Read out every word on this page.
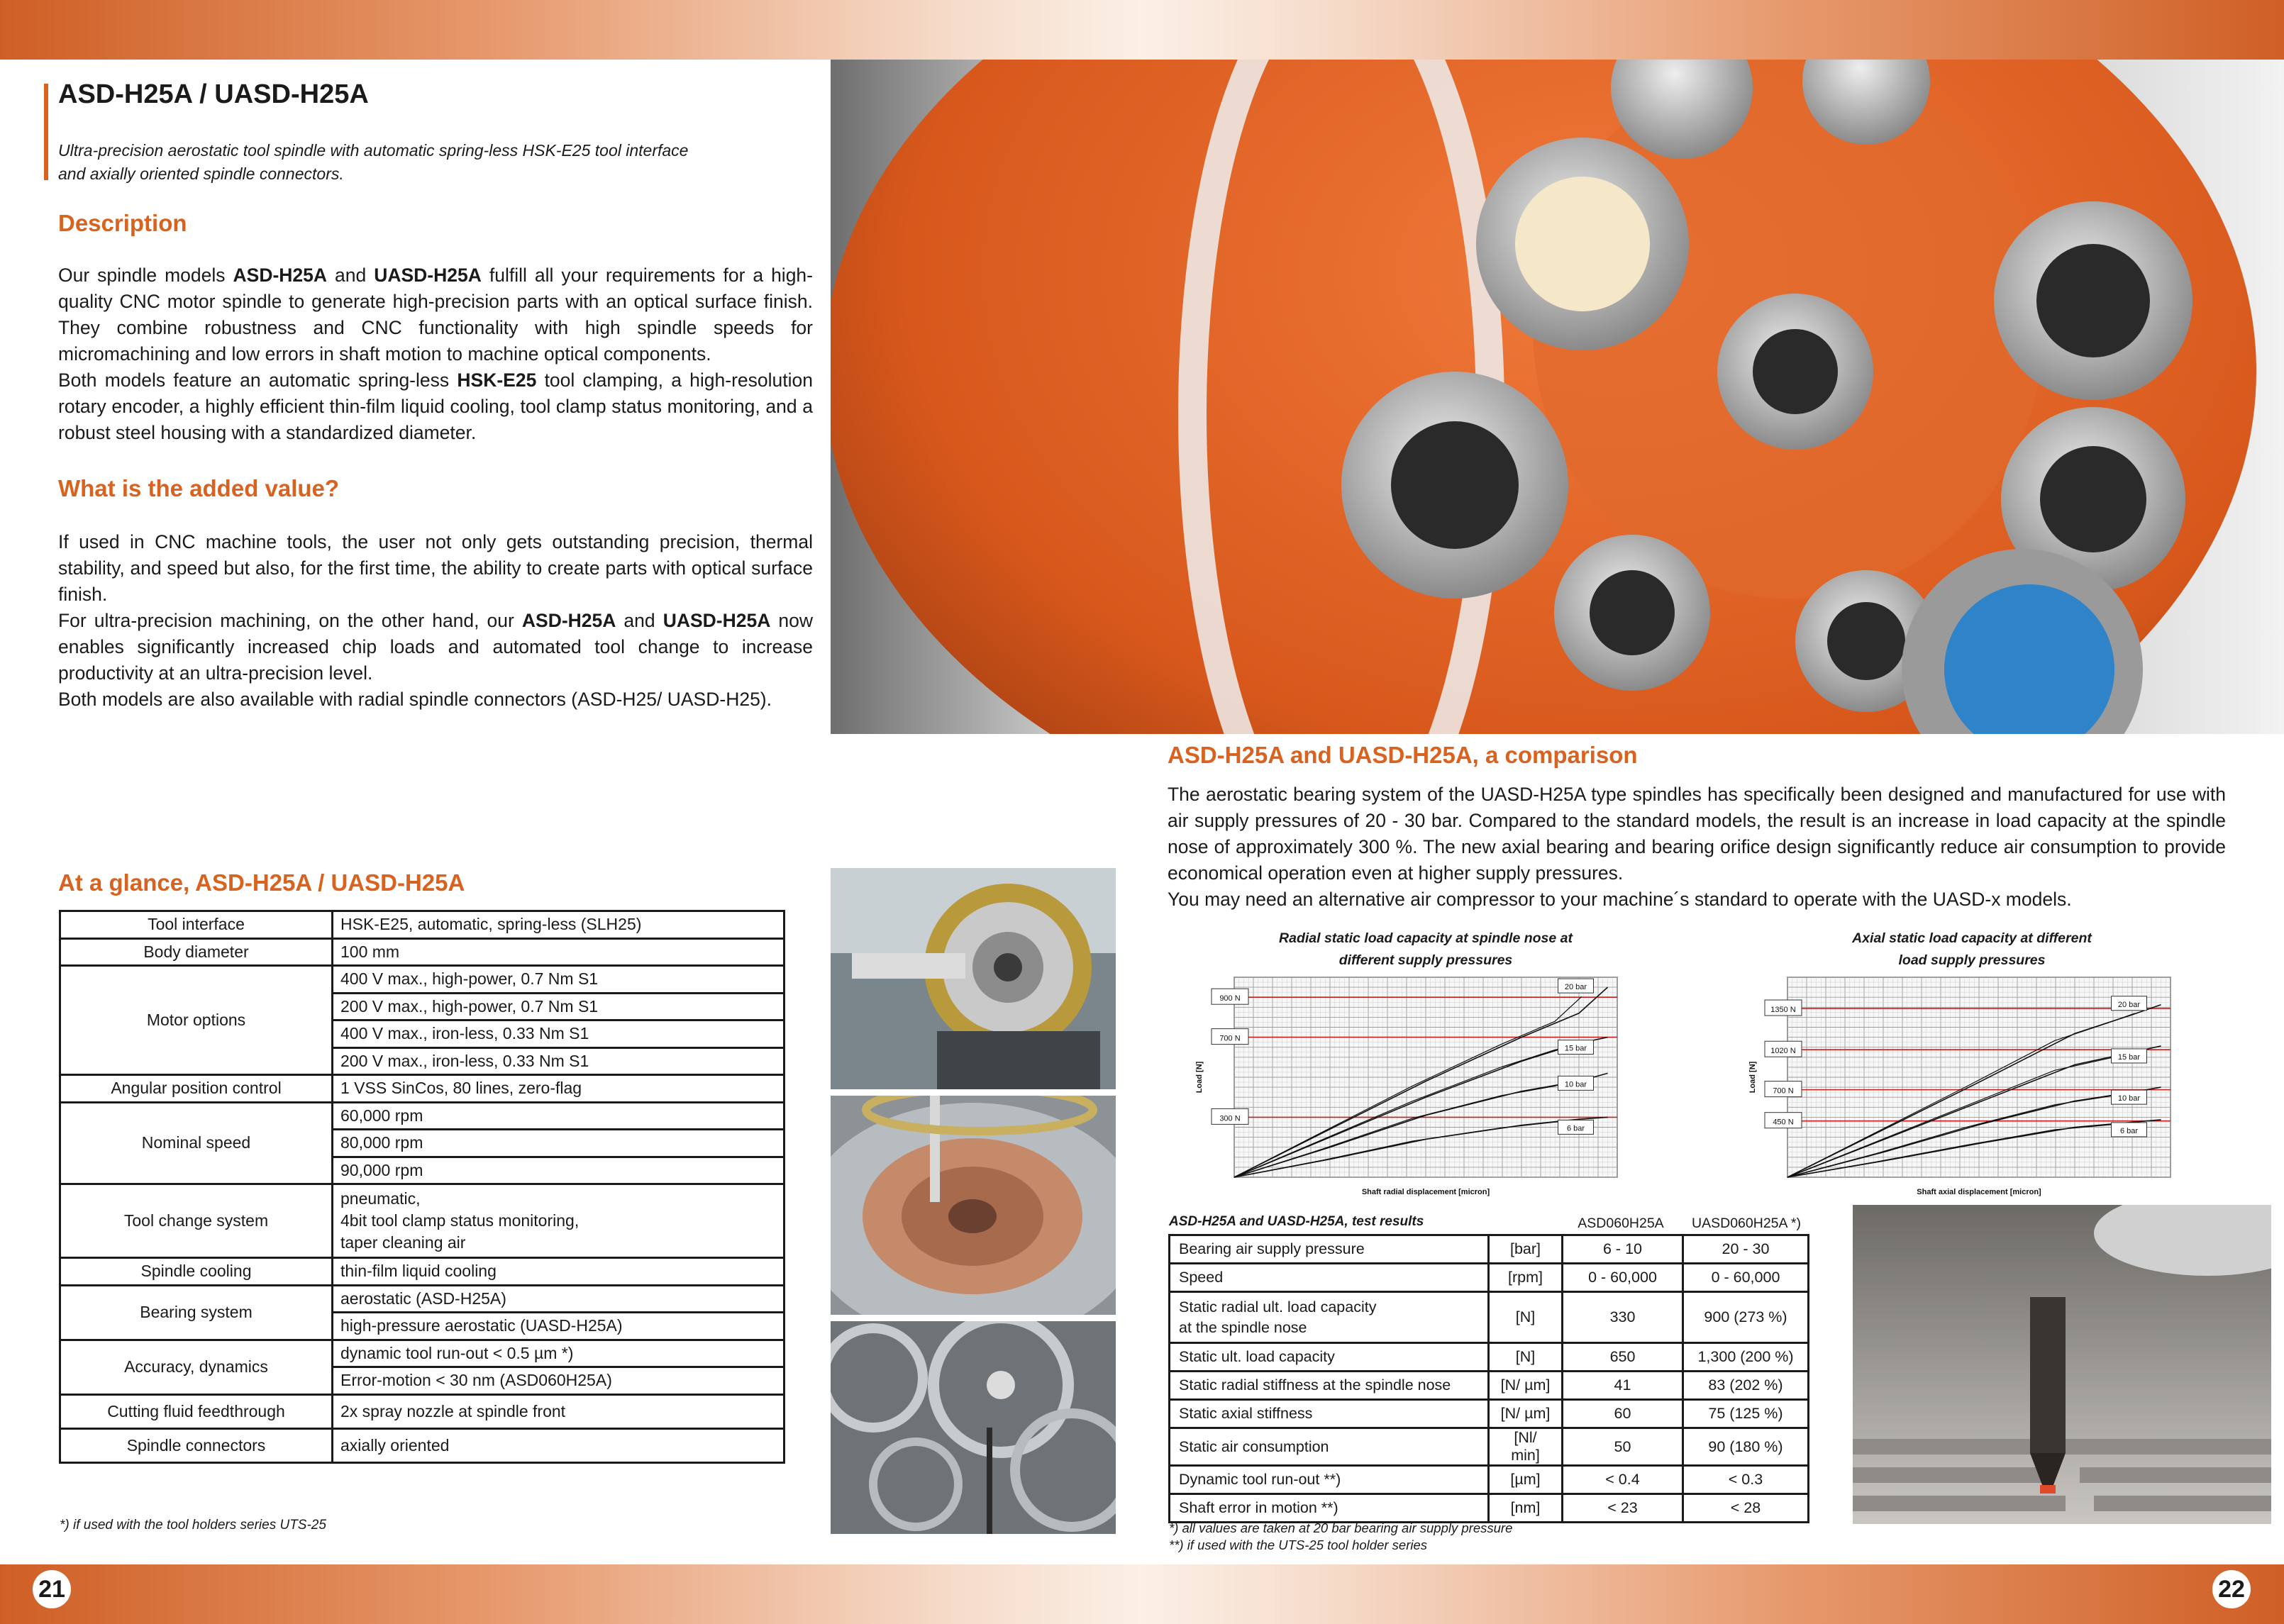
21	22
ASD-H25A / UASD-H25A
Ultra-precision aerostatic tool spindle with automatic spring-less HSK-E25 tool interface
and axially oriented spindle connectors.
Description

Our spindle models ASD-H25A and UASD-H25A fulfill all your requirements for a high-quality CNC motor spindle to generate high-precision parts with an optical surface finish. They combine robustness and CNC functionality with high spindle speeds for micromachining and low errors in shaft motion to machine optical components.

Both models feature an automatic spring-less HSK-E25 tool clamping, a high-resolution rotary encoder, a highly efficient thin-film liquid cooling, tool clamp status monitoring, and a robust steel housing with a standardized diameter.

What is the added value?

If used in CNC machine tools, the user not only gets outstanding precision, thermal stability, and speed but also, for the first time, the ability to create parts with optical surface finish.

For ultra-precision machining, on the other hand, our ASD-H25A and UASD-H25A now enables significantly increased chip loads and automated tool change to increase productivity at an ultra-precision level.

Both models are also available with radial spindle connectors (ASD-H25/ UASD-H25).

ASD-H25A and UASD-H25A, a comparison

The aerostatic bearing system of the UASD-H25A type spindles has specifically been designed and manufactured for use with air supply pressures of 20 - 30 bar. Compared to the standard models, the result is an increase in load capacity at the spindle nose of approximately 300 %. The new axial bearing and bearing orifice design significantly reduce air consumption to provide economical operation even at higher supply pressures.

You may need an alternative air compressor to your machine´s standard to operate with the UASD-x models.

Radial static load capacity at spindle nose at
different supply pressures
Axial static load capacity at different
load supply pressures
900 N
700 N
300 N
20 bar
15 bar
10 bar
6 bar
Shaft radial displacement [micron]
Load [N]
1350 N
1020 N
700 N
450 N
20 bar
15 bar
10 bar
6 bar
Shaft axial displacement [micron]
Load [N]
At a glance, ASD-H25A / UASD-H25A
Tool interface	HSK-E25, automatic, spring-less (SLH25)
Body diameter	100 mm
Motor options	400 V max., high-power, 0.7 Nm S1
	200 V max., high-power, 0.7 Nm S1
	400 V max., iron-less, 0.33 Nm S1
	200 V max., iron-less, 0.33 Nm S1
Angular position control	1 VSS SinCos, 80 lines, zero-flag
Nominal speed	60,000 rpm
	80,000 rpm
	90,000 rpm
Tool change system	pneumatic,
4bit tool clamp status monitoring,
taper cleaning air

Spindle cooling	thin-film liquid cooling
Bearing system	aerostatic (ASD-H25A)
	high-pressure aerostatic (UASD-H25A)
Accuracy, dynamics	dynamic tool run-out < 0.5 µm *)
	Error-motion < 30 nm (ASD060H25A)
Cutting fluid feedthrough	2x spray nozzle at spindle front
Spindle connectors	axially oriented
*) if used with the tool holders series UTS-25
ASD-H25A and UASD-H25A, test results	ASD060H25A	UASD060H25A *)
Bearing air supply pressure	[bar]	6 - 10	20 - 30

Speed	[rpm]	0 - 60,000	0 - 60,000

Static radial ult. load capacity
at the spindle nose	[N]	330	900 (273 %)

Static ult. load capacity	[N]	650	1,300 (200 %)

Static radial stiffness at the spindle nose	[N/ µm]	41	83 (202 %)

Static axial stiffness	[N/ µm]	60	75 (125 %)

Static air consumption	[Nl/ min]	50	90 (180 %)

Dynamic tool run-out **)	[µm]	< 0.4	< 0.3

Shaft error in motion **)	[nm]	< 23	< 28
*) all values are taken at 20 bar bearing air supply pressure
**) if used with the UTS-25 tool holder series
